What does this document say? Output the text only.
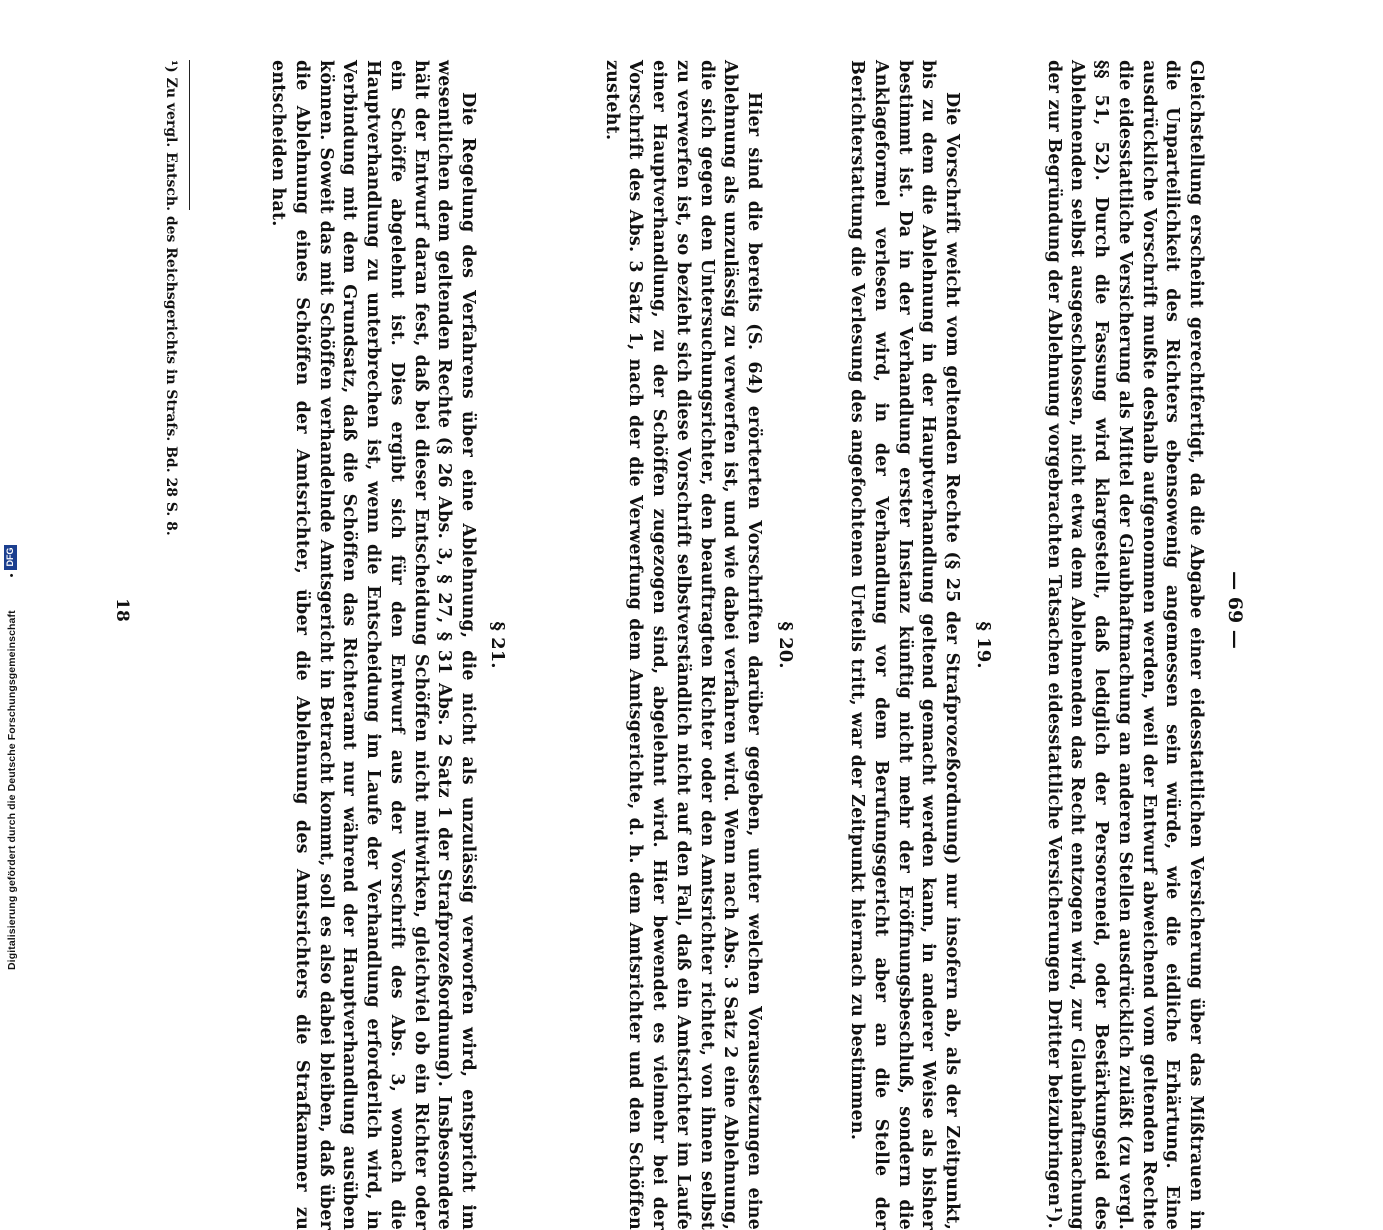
— 69 —

Gleichstellung erscheint gerechtfertigt, da die Abgabe einer eidesstattlichen Versicherung über das Mißtrauen in die Unparteilichkeit des Richters ebensowenig angemessen sein würde, wie die eidliche Erhärtung. Eine ausdrückliche Vorschrift mußte deshalb aufgenommen werden, weil der Entwurf abweichend vom geltenden Rechte die eidesstattliche Versicherung als Mittel der Glaubhaftmachung an anderen Stellen ausdrücklich zuläßt (zu vergl. §§ 51, 52). Durch die Fassung wird klargestellt, daß lediglich der Persoreneid, oder Bestärkungseid des Ablehnenden selbst ausgeschlossen, nicht etwa dem Ablehnenden das Recht entzogen wird, zur Glaubhaftmachung der zur Begründung der Ablehnung vorgebrachten Tatsachen eidesstattliche Versicherungen Dritter beizubringen¹).

§ 19.

Die Vorschrift weicht vom geltenden Rechte (§ 25 der Strafprozeßordnung) nur insofern ab, als der Zeitpunkt, bis zu dem die Ablehnung in der Hauptverhandlung geltend gemacht werden kann, in anderer Weise als bisher bestimmt ist. Da in der Verhandlung erster Instanz künftig nicht mehr der Eröffnungsbeschluß, sondern die Anklageformel verlesen wird, in der Verhandlung vor dem Berufungsgericht aber an die Stelle der Berichterstattung die Verlesung des angefochtenen Urteils tritt, war der Zeitpunkt hiernach zu bestimmen.

§ 20.

Hier sind die bereits (S. 64) erörterten Vorschriften darüber gegeben, unter welchen Voraussetzungen eine Ablehnung als unzulässig zu verwerfen ist, und wie dabei verfahren wird. Wenn nach Abs. 3 Satz 2 eine Ablehnung, die sich gegen den Untersuchungsrichter, den beauftragten Richter oder den Amtsrichter richtet, von ihnen selbst zu verwerfen ist, so bezieht sich diese Vorschrift selbstverständlich nicht auf den Fall, daß ein Amtsrichter im Laufe einer Hauptverhandlung, zu der Schöffen zugezogen sind, abgelehnt wird. Hier bewendet es vielmehr bei der Vorschrift des Abs. 3 Satz 1, nach der die Verwerfung dem Amtsgerichte, d. h. dem Amtsrichter und den Schöffen zusteht.

§ 21.

Die Regelung des Verfahrens über eine Ablehnung, die nicht als unzulässig verworfen wird, entspricht im wesentlichen dem geltenden Rechte (§ 26 Abs. 3, § 27, § 31 Abs. 2 Satz 1 der Strafprozeßordnung). Insbesondere hält der Entwurf daran fest, daß bei dieser Entscheidung Schöffen nicht mitwirken, gleichviel ob ein Richter oder ein Schöffe abgelehnt ist. Dies ergibt sich für den Entwurf aus der Vorschrift des Abs. 3, wonach die Hauptverhandlung zu unterbrechen ist, wenn die Entscheidung im Laufe der Verhandlung erforderlich wird, in Verbindung mit dem Grundsatz, daß die Schöffen das Richteramt nur während der Hauptverhandlung ausüben können. Soweit das mit Schöffen verhandelnde Amtsgericht in Betracht kommt, soll es also dabei bleiben, daß über die Ablehnung eines Schöffen der Amtsrichter, über die Ablehnung des Amtsrichters die Strafkammer zu entscheiden hat.

¹) Zu vergl. Entsch. des Reichsgerichts in Strafs. Bd. 28 S. 8.
18
Digitalisierung gefördert durch die Deutsche Forschungsgemeinschaft •DFG
